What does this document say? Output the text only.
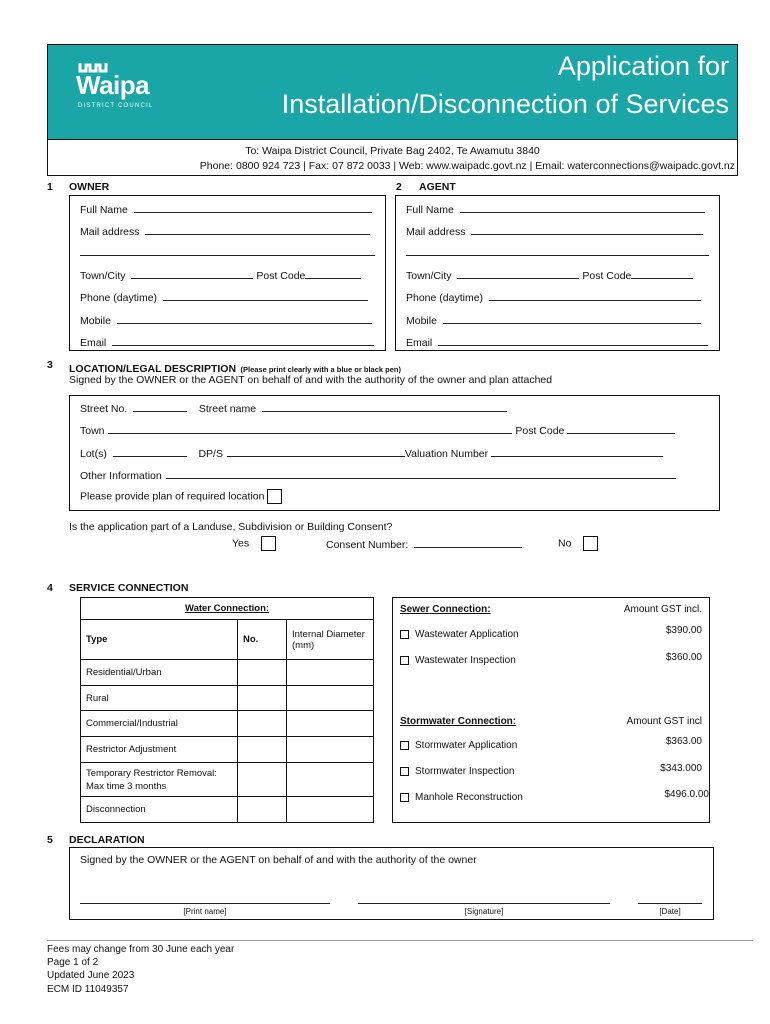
Waipa
DISTRICT COUNCIL
Application for
Installation/Disconnection of Services
To: Waipa District Council, Private Bag 2402, Te Awamutu 3840
Phone: 0800 924 723 | Fax: 07 872 0033 | Web: www.waipadc.govt.nz | Email: waterconnections@waipadc.govt.nz
1 OWNER	2 AGENT
Full Name
Mail address
Town/City	Post Code
Phone (daytime)
Mobile
Email
Full Name
Mail address
Town/City	Post Code
Phone (daytime)
Mobile
Email
3 LOCATION/LEGAL DESCRIPTION (Please print clearly with a blue or black pen)
Signed by the OWNER or the AGENT on behalf of and with the authority of the owner and plan attached
Street No.	Street name
Town	Post Code
Lot(s)	DP/S	Valuation Number
Other Information
Please provide plan of required location
Is the application part of a Landuse, Subdivision or Building Consent?
Yes	Consent Number:	No
4 SERVICE CONNECTION
Water Connection:		
Type	No.	Internal Diameter (mm)
Residential/Urban		
Rural		
Commercial/Industrial		
Restrictor Adjustment		
Temporary Restrictor Removal: Max time 3 months		
Disconnection		
Sewer Connection:	Amount GST incl.
Wastewater Application	$390.00
Wastewater Inspection	$360.00
Stormwater Connection:	Amount GST incl
Stormwater Application	$363.00
Stormwater Inspection	$343.000
Manhole Reconstruction	$496.0.00
5 DECLARATION
Signed by the OWNER or the AGENT on behalf of and with the authority of the owner
[Print name]	[Signature]	[Date]
Fees may change from 30 June each year
Page 1 of 2
Updated June 2023
ECM ID 11049357
